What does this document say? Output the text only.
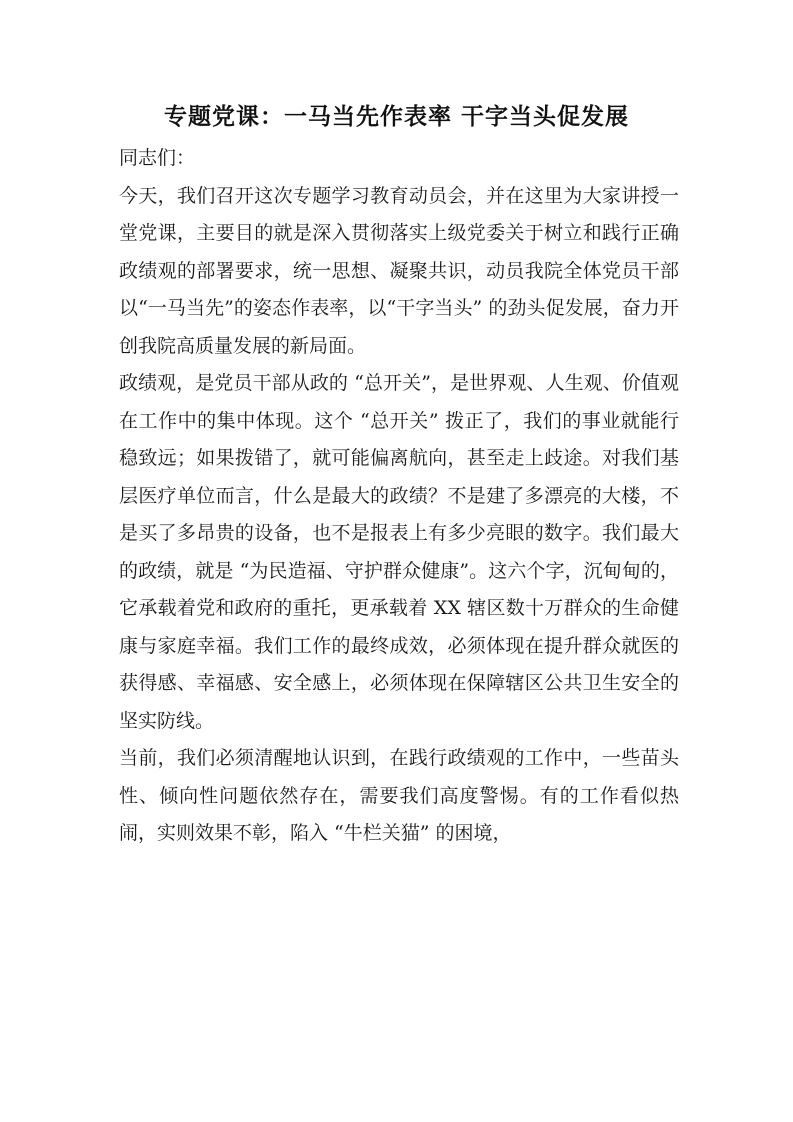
专题党课：一马当先作表率 干字当头促发展

同志们：

今天，我们召开这次专题学习教育动员会，并在这里为大家讲授一堂党课，主要目的就是深入贯彻落实上级党委关于树立和践行正确政绩观的部署要求，统一思想、凝聚共识，动员我院全体党员干部以“一马当先”的姿态作表率，以“干字当头” 的劲头促发展，奋力开创我院高质量发展的新局面。

政绩观，是党员干部从政的 “总开关”，是世界观、人生观、价值观在工作中的集中体现。这个 “总开关” 拨正了，我们的事业就能行稳致远；如果拨错了，就可能偏离航向，甚至走上歧途。对我们基层医疗单位而言，什么是最大的政绩？不是建了多漂亮的大楼，不是买了多昂贵的设备，也不是报表上有多少亮眼的数字。我们最大的政绩，就是 “为民造福、守护群众健康”。这六个字，沉甸甸的，它承载着党和政府的重托，更承载着 XX 辖区数十万群众的生命健康与家庭幸福。我们工作的最终成效，必须体现在提升群众就医的获得感、幸福感、安全感上，必须体现在保障辖区公共卫生安全的坚实防线。

当前，我们必须清醒地认识到，在践行政绩观的工作中，一些苗头性、倾向性问题依然存在，需要我们高度警惕。有的工作看似热闹，实则效果不彰，陷入 “牛栏关猫” 的困境，
